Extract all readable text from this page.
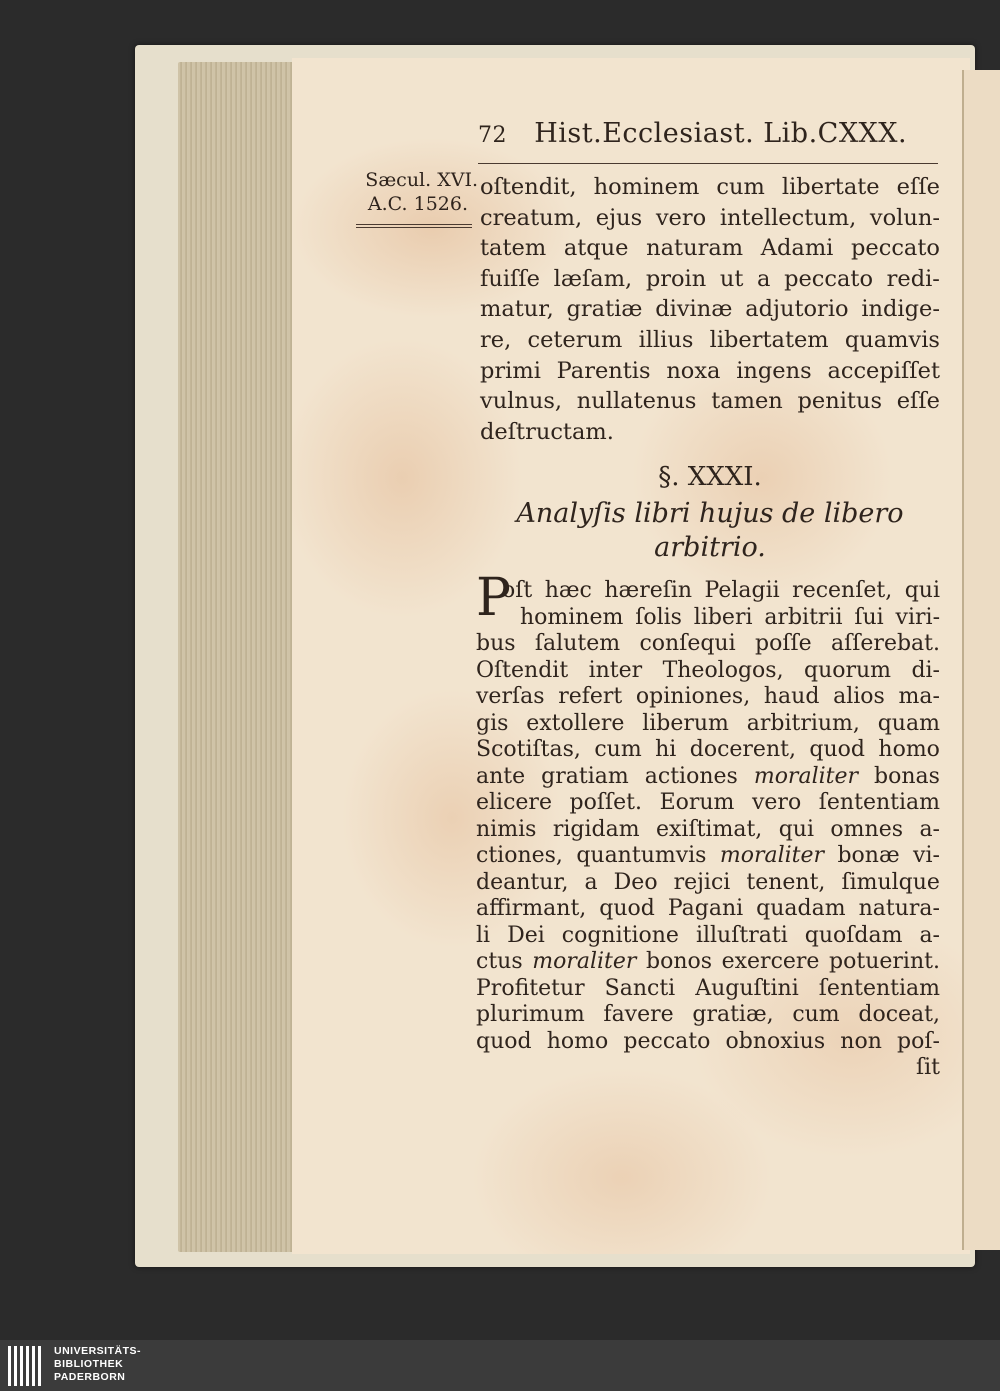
72 Hist.Ecclesiast. Lib.CXXX.
Sæcul. XVI.
A.C. 1526.
oſtendit, hominem cum libertate eſſe
creatum, ejus vero intellectum, volun-
tatem atque naturam Adami peccato
fuiſſe læſam, proin ut a peccato redi-
matur, gratiæ divinæ adjutorio indige-
re, ceterum illius libertatem quamvis
primi Parentis noxa ingens accepiſſet
vulnus, nullatenus tamen penitus eſſe
deſtructam.
§. XXXI.
Analyſis libri hujus de libero
arbitrio.
P
oſt hæc hæreſin Pelagii recenſet, qui
hominem ſolis liberi arbitrii ſui viri-
bus ſalutem conſequi poſſe aſſerebat.
Oſtendit inter Theologos, quorum di-
verſas refert opiniones, haud alios ma-
gis extollere liberum arbitrium, quam
Scotiſtas, cum hi docerent, quod homo
ante gratiam actiones moraliter bonas
elicere poſſet. Eorum vero ſententiam
nimis rigidam exiſtimat, qui omnes a-
ctiones, quantumvis moraliter bonæ vi-
deantur, a Deo rejici tenent, ſimulque
affirmant, quod Pagani quadam natura-
li Dei cognitione illuſtrati quoſdam a-
ctus moraliter bonos exercere potuerint.
Profitetur Sancti Auguſtini ſententiam
plurimum favere gratiæ, cum doceat,
quod homo peccato obnoxius non poſ-
ſit
UNIVERSITÄTS-
BIBLIOTHEK
PADERBORN
